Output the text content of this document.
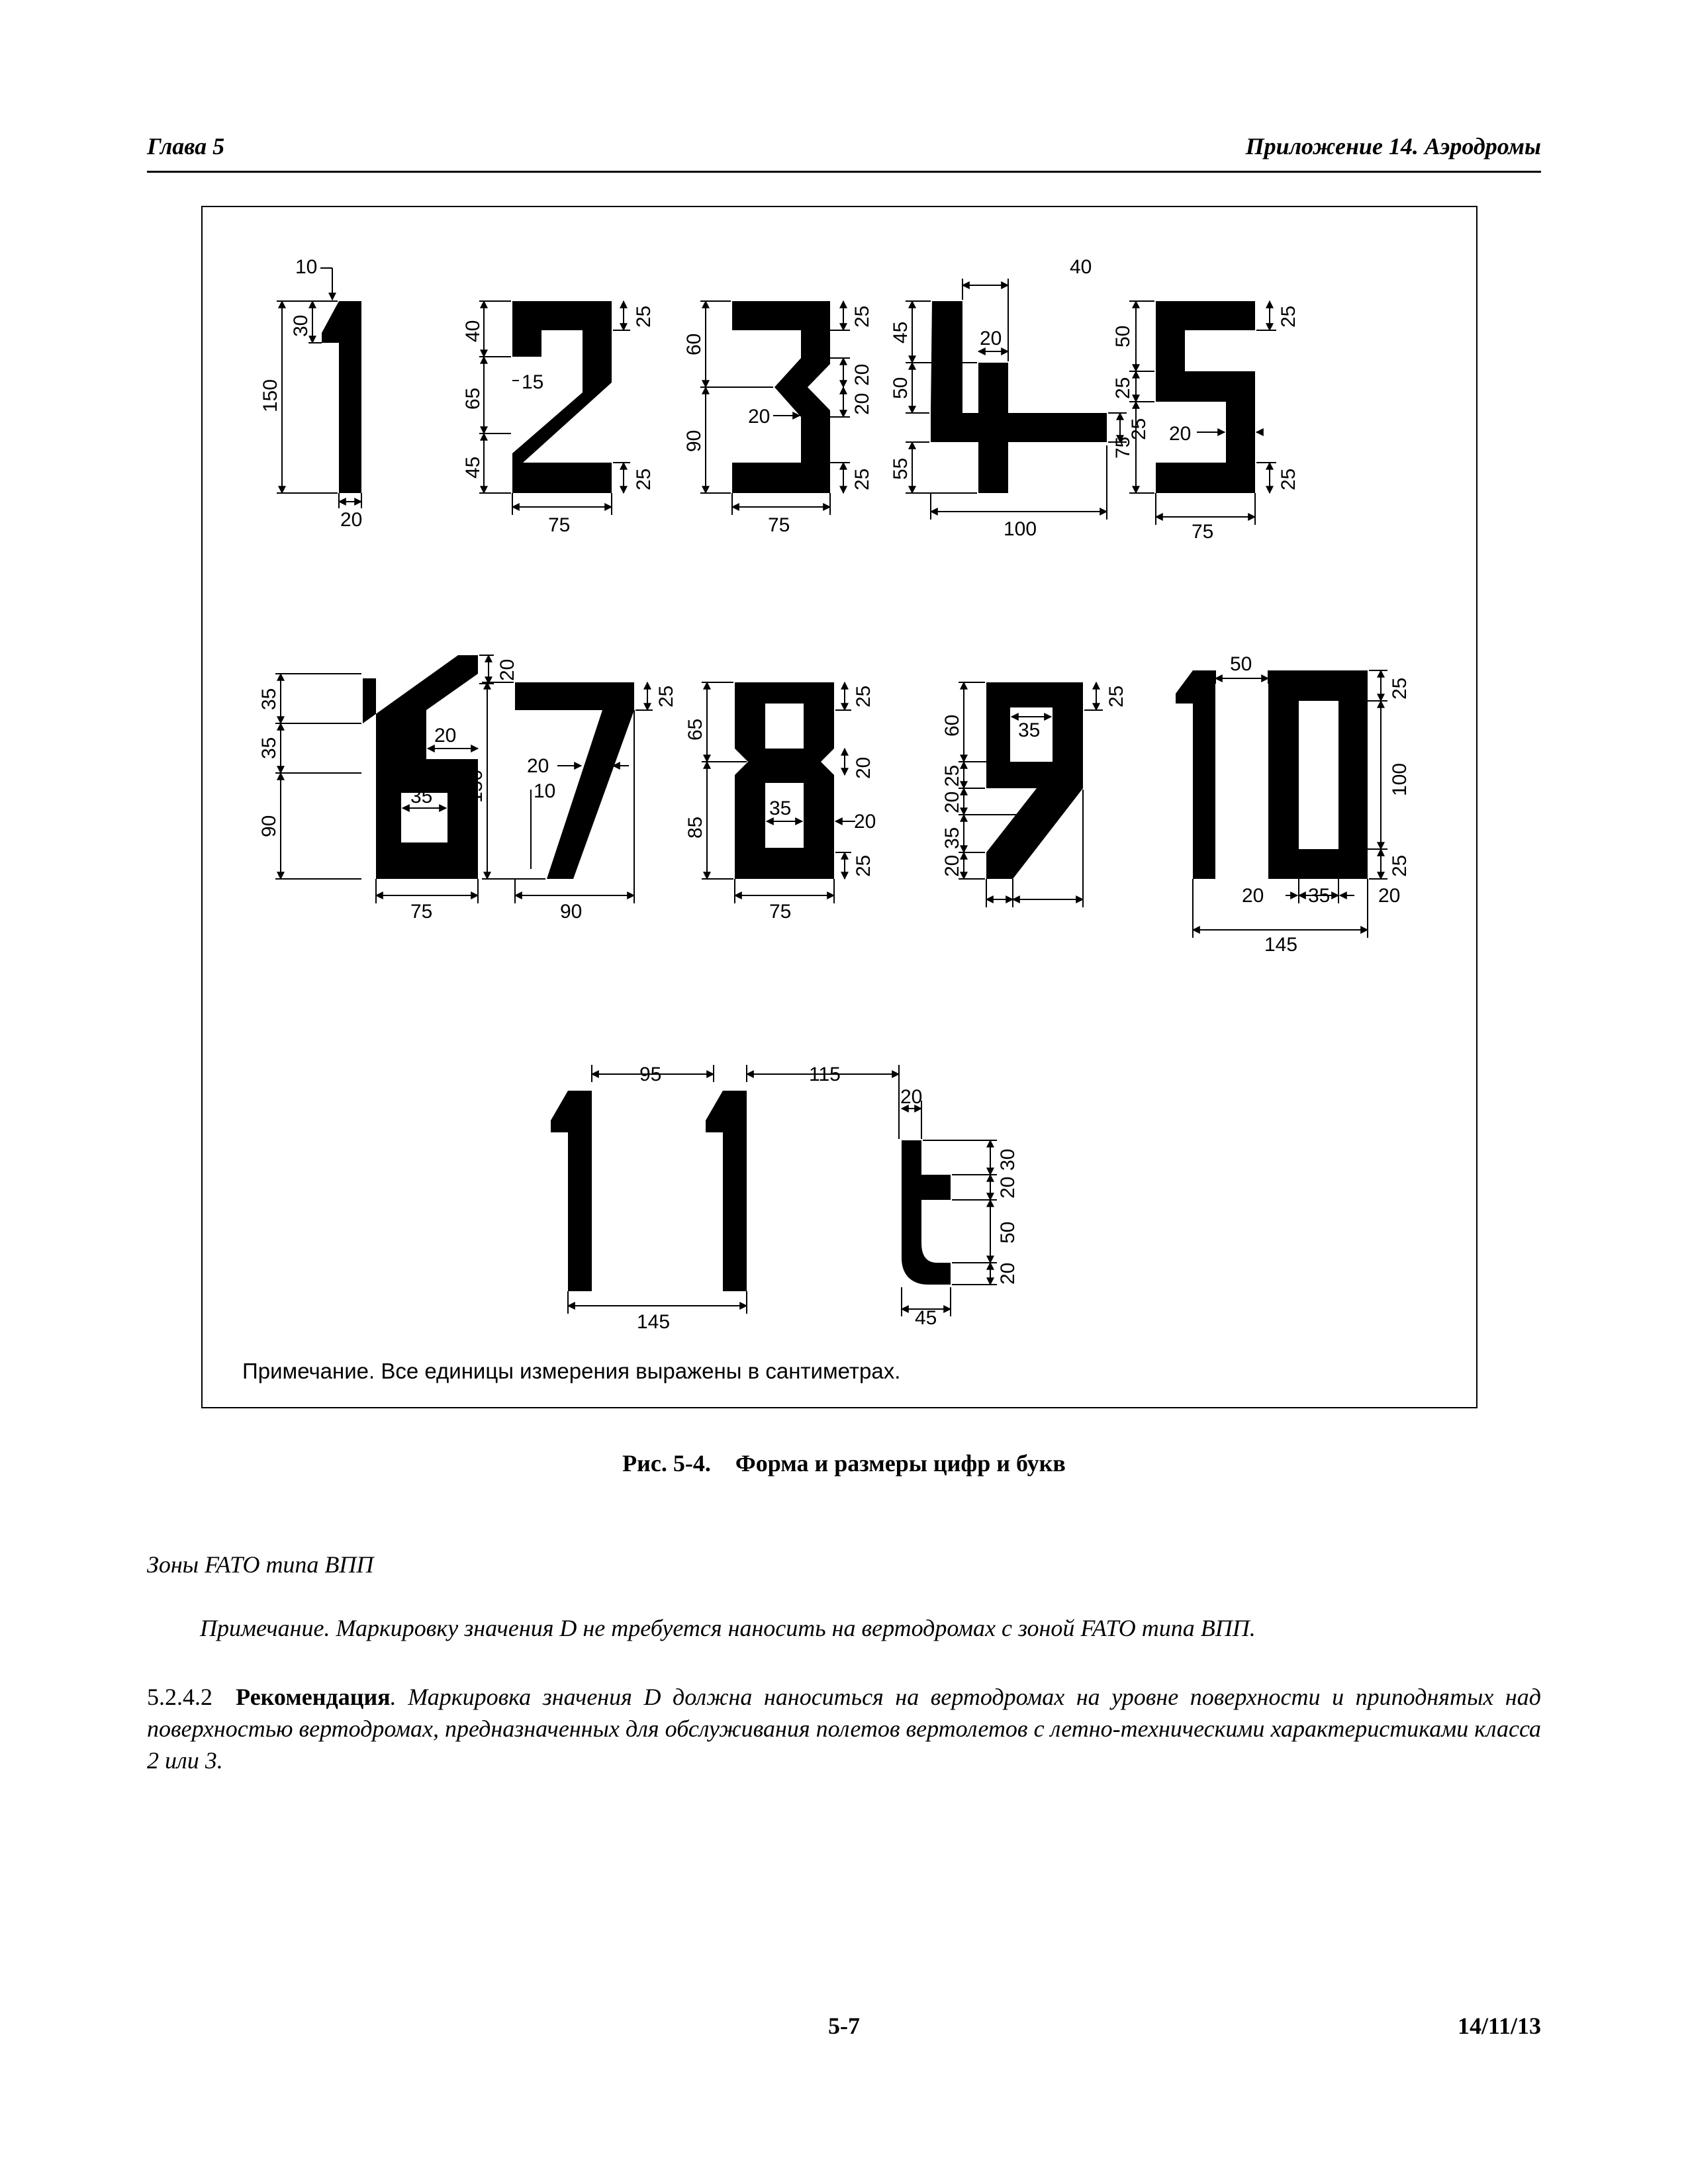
Глава 5	Приложение 14. Аэродромы
10
30
150
20
40
65
45
15
25
25
75
60
90
20
25
20
20
25
75
40
45
50
55
20
25
100
50
25
75
20
25
25
75
35
35
90
20
20
35
75
150
20
10
25
90
65
85
35
25
20
20
25
75
60
25
20
35
20
35
25
50
25
100
25
20 35 20
145
95	115
145
20
30
20
50
20
45
Примечание. Все единицы измерения выражены в сантиметрах.
Рис. 5-4. Форма и размеры цифр и букв
Зоны FATO типа ВПП
Примечание. Маркировку значения D не требуется наносить на вертодромах с зоной FATO типа ВПП.
5.2.4.2 Рекомендация. Маркировка значения D должна наноситься на вертодромах на уровне поверхности и приподнятых над поверхностью вертодромах, предназначенных для обслуживания полетов вертолетов с летно-техническими характеристиками класса 2 или 3.
5-7	14/11/13
